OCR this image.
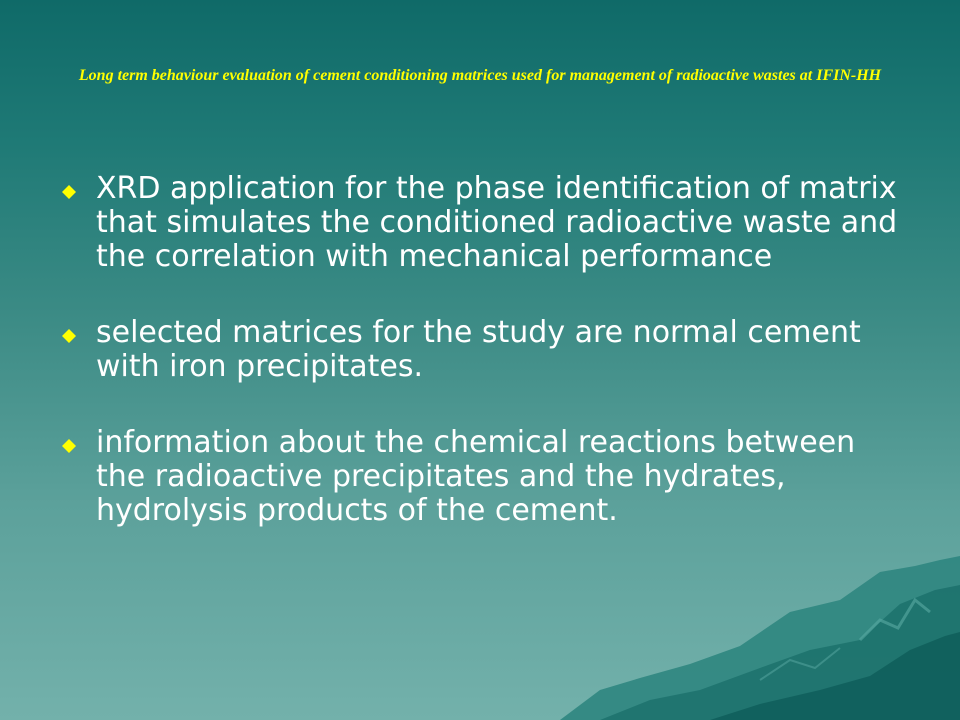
Long term behaviour evaluation of cement conditioning matrices used for management of radioactive wastes at IFIN-HH
XRD application for the phase identification of matrix that simulates the conditioned radioactive waste and the correlation with mechanical performance
selected matrices for the study are normal cement with iron precipitates.
information about the chemical reactions between the radioactive precipitates and the hydrates, hydrolysis products of the cement.
